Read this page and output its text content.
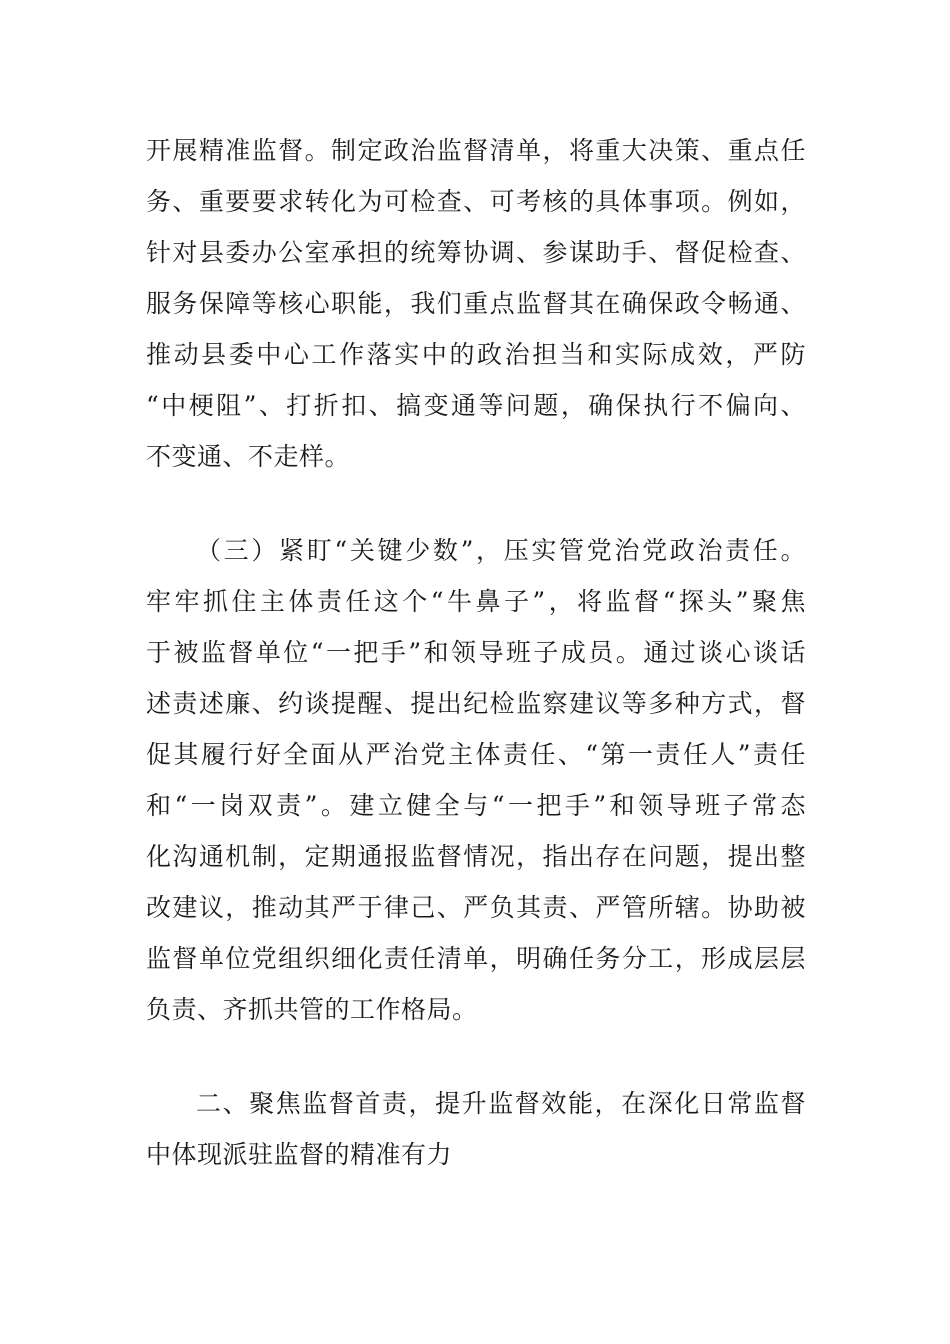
开展精准监督。制定政治监督清单，将重大决策、重点任
务、重要要求转化为可检查、可考核的具体事项。例如，
针对县委办公室承担的统筹协调、参谋助手、督促检查、
服务保障等核心职能，我们重点监督其在确保政令畅通、
推动县委中心工作落实中的政治担当和实际成效，严防
“中梗阻”、打折扣、搞变通等问题，确保执行不偏向、
不变通、不走样。
（三）紧盯“关键少数”，压实管党治党政治责任。
牢牢抓住主体责任这个“牛鼻子”，将监督“探头”聚焦
于被监督单位“一把手”和领导班子成员。通过谈心谈话
述责述廉、约谈提醒、提出纪检监察建议等多种方式，督
促其履行好全面从严治党主体责任、“第一责任人”责任
和“一岗双责”。建立健全与“一把手”和领导班子常态
化沟通机制，定期通报监督情况，指出存在问题，提出整
改建议，推动其严于律己、严负其责、严管所辖。协助被
监督单位党组织细化责任清单，明确任务分工，形成层层
负责、齐抓共管的工作格局。
二、聚焦监督首责，提升监督效能，在深化日常监督
中体现派驻监督的精准有力
